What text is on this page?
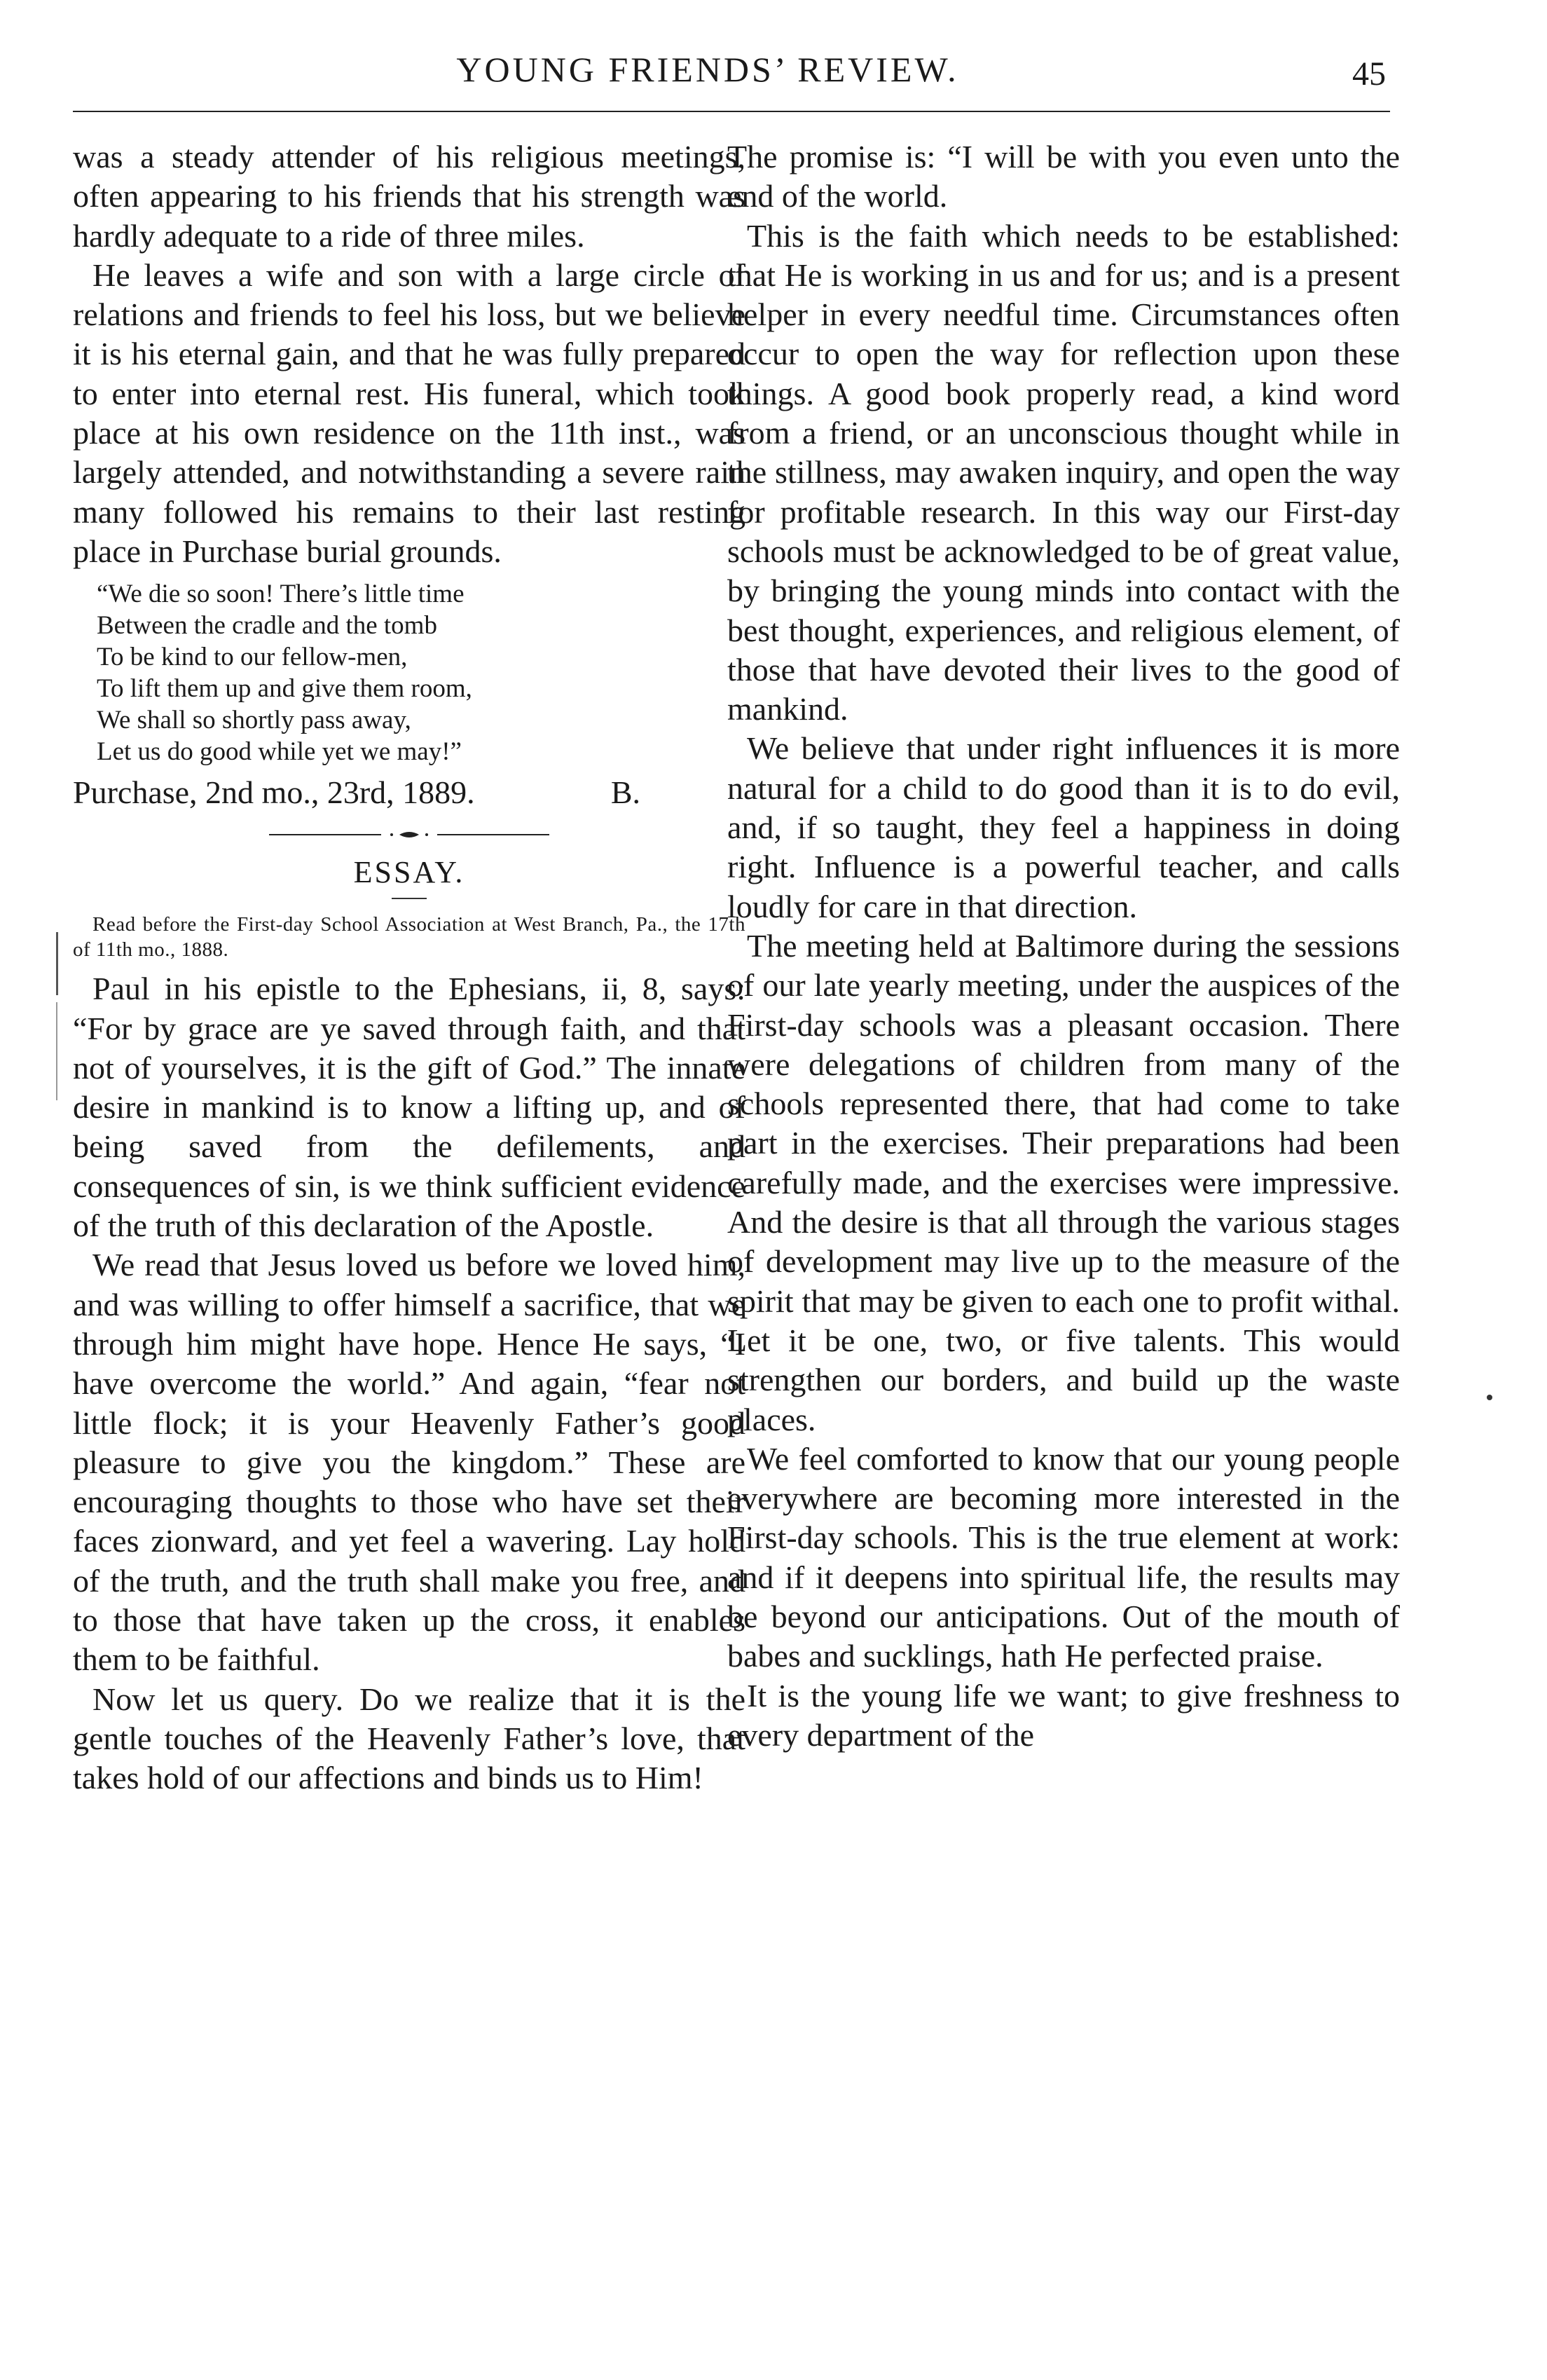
YOUNG FRIENDS’ REVIEW.	45

was a steady attender of his religious meetings, often appearing to his friends that his strength was hardly adequate to a ride of three miles.

He leaves a wife and son with a large circle of relations and friends to feel his loss, but we believe it is his eternal gain, and that he was fully prepared to enter into eternal rest. His funeral, which took place at his own residence on the 11th inst., was largely attended, and notwithstanding a severe rain many followed his remains to their last resting place in Purchase burial grounds.

“We die so soon! There’s little time
Between the cradle and the tomb
To be kind to our fellow-men,
To lift them up and give them room,
We shall so shortly pass away,
Let us do good while yet we may!”
Purchase, 2nd mo., 23rd, 1889.	B.
ESSAY.

Read before the First-day School Association at West Branch, Pa., the 17th of 11th mo., 1888.

Paul in his epistle to the Ephesians, ii, 8, says: “For by grace are ye saved through faith, and that not of yourselves, it is the gift of God.” The innate desire in mankind is to know a lifting up, and of being saved from the defilements, and consequences of sin, is we think sufficient evidence of the truth of this declaration of the Apostle.

We read that Jesus loved us before we loved him, and was willing to offer himself a sacrifice, that we through him might have hope. Hence He says, “I have overcome the world.” And again, “fear not little flock; it is your Heavenly Father’s good pleasure to give you the kingdom.” These are encouraging thoughts to those who have set their faces zionward, and yet feel a wavering. Lay hold of the truth, and the truth shall make you free, and to those that have taken up the cross, it enables them to be faithful.

Now let us query. Do we realize that it is the gentle touches of the Heavenly Father’s love, that takes hold of our affections and binds us to Him!

The promise is: “I will be with you even unto the end of the world.

This is the faith which needs to be established: that He is working in us and for us; and is a present helper in every needful time. Circumstances often occur to open the way for reflection upon these things. A good book properly read, a kind word from a friend, or an unconscious thought while in the stillness, may awaken inquiry, and open the way for profitable research. In this way our First-day schools must be acknowledged to be of great value, by bringing the young minds into contact with the best thought, experiences, and religious element, of those that have devoted their lives to the good of mankind.

We believe that under right influences it is more natural for a child to do good than it is to do evil, and, if so taught, they feel a happiness in doing right. Influence is a powerful teacher, and calls loudly for care in that direction.

The meeting held at Baltimore during the sessions of our late yearly meeting, under the auspices of the First-day schools was a pleasant occasion. There were delegations of children from many of the schools represented there, that had come to take part in the exercises. Their preparations had been carefully made, and the exercises were impressive. And the desire is that all through the various stages of development may live up to the measure of the spirit that may be given to each one to profit withal. Let it be one, two, or five talents. This would strengthen our borders, and build up the waste places.

We feel comforted to know that our young people everywhere are becoming more interested in the First-day schools. This is the true element at work: and if it deepens into spiritual life, the results may be beyond our anticipations. Out of the mouth of babes and sucklings, hath He perfected praise.

It is the young life we want; to give freshness to every department of the
